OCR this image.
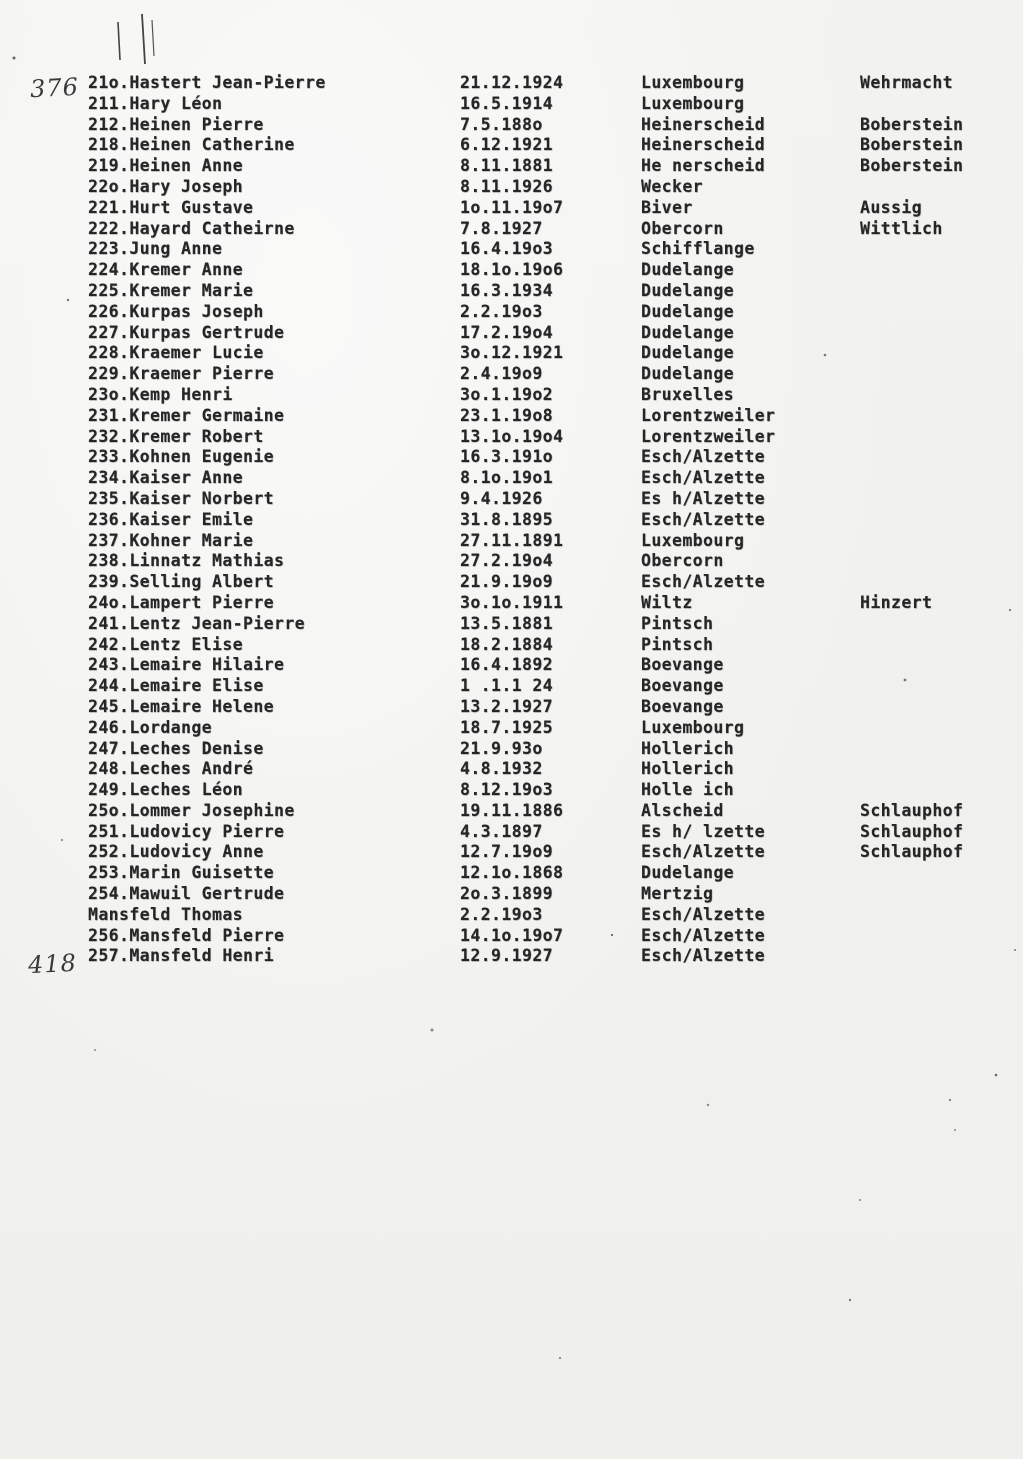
376
418
21o.Hastert Jean-Pierre	21.12.1924	Luxembourg	Wehrmacht
211.Hary Léon	16.5.1914	Luxembourg
212.Heinen Pierre	7.5.188o	Heinerscheid	Boberstein
218.Heinen Catherine	6.12.1921	Heinerscheid	Boberstein
219.Heinen Anne	8.11.1881	He nerscheid	Boberstein
22o.Hary Joseph	8.11.1926	Wecker
221.Hurt Gustave	1o.11.19o7	Biver	Aussig
222.Hayard Catheirne	7.8.1927	Obercorn	Wittlich
223.Jung Anne	16.4.19o3	Schifflange
224.Kremer Anne	18.1o.19o6	Dudelange
225.Kremer Marie	16.3.1934	Dudelange
226.Kurpas Joseph	2.2.19o3	Dudelange
227.Kurpas Gertrude	17.2.19o4	Dudelange
228.Kraemer Lucie	3o.12.1921	Dudelange
229.Kraemer Pierre	2.4.19o9	Dudelange
23o.Kemp Henri	3o.1.19o2	Bruxelles
231.Kremer Germaine	23.1.19o8	Lorentzweiler
232.Kremer Robert	13.1o.19o4	Lorentzweiler
233.Kohnen Eugenie	16.3.191o	Esch/Alzette
234.Kaiser Anne	8.1o.19o1	Esch/Alzette
235.Kaiser Norbert	9.4.1926	Es h/Alzette
236.Kaiser Emile	31.8.1895	Esch/Alzette
237.Kohner Marie	27.11.1891	Luxembourg
238.Linnatz Mathias	27.2.19o4	Obercorn
239.Selling Albert	21.9.19o9	Esch/Alzette
24o.Lampert Pierre	3o.1o.1911	Wiltz	Hinzert
241.Lentz Jean-Pierre	13.5.1881	Pintsch
242.Lentz Elise	18.2.1884	Pintsch
243.Lemaire Hilaire	16.4.1892	Boevange
244.Lemaire Elise	1 .1.1 24	Boevange
245.Lemaire Helene	13.2.1927	Boevange
246.Lordange	18.7.1925	Luxembourg
247.Leches Denise	21.9.93o	Hollerich
248.Leches André	4.8.1932	Hollerich
249.Leches Léon	8.12.19o3	Holle ich
25o.Lommer Josephine	19.11.1886	Alscheid	Schlauphof
251.Ludovicy Pierre	4.3.1897	Es h/ lzette	Schlauphof
252.Ludovicy Anne	12.7.19o9	Esch/Alzette	Schlauphof
253.Marin Guisette	12.1o.1868	Dudelange
254.Mawuil Gertrude	2o.3.1899	Mertzig
Mansfeld Thomas	2.2.19o3	Esch/Alzette
256.Mansfeld Pierre	14.1o.19o7	Esch/Alzette
257.Mansfeld Henri	12.9.1927	Esch/Alzette
